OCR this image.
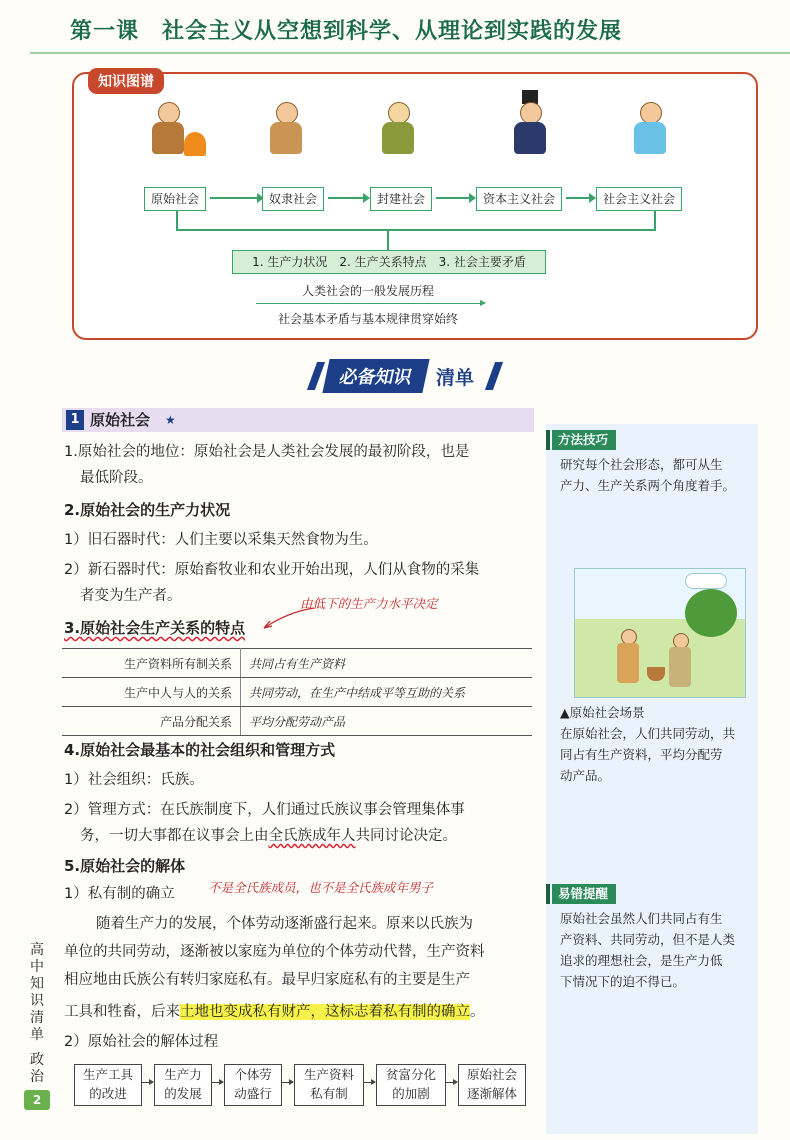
第一课　社会主义从空想到科学、从理论到实践的发展
知识图谱
原始社会	奴隶社会	封建社会	资本主义社会	社会主义社会
1. 生产力状况　2. 生产关系特点　3. 社会主要矛盾
人类社会的一般发展历程
社会基本矛盾与基本规律贯穿始终
必备知识	清单
1 原始社会 ★
1.原始社会的地位：原始社会是人类社会发展的最初阶段，也是
最低阶段。
2.原始社会的生产力状况
1）旧石器时代：人们主要以采集天然食物为生。
2）新石器时代：原始畜牧业和农业开始出现，人们从食物的采集
者变为生产者。	由低下的生产力水平决定
3.原始社会生产关系的特点
生产资料所有制关系	共同占有生产资料
生产中人与人的关系	共同劳动，在生产中结成平等互助的关系
产品分配关系	平均分配劳动产品
4.原始社会最基本的社会组织和管理方式
1）社会组织：氏族。
2）管理方式：在氏族制度下，人们通过氏族议事会管理集体事
务，一切大事都在议事会上由全氏族成年人共同讨论决定。
5.原始社会的解体
1）私有制的确立	不是全氏族成员，也不是全氏族成年男子
随着生产力的发展，个体劳动逐渐盛行起来。原来以氏族为
单位的共同劳动，逐渐被以家庭为单位的个体劳动代替，生产资料
相应地由氏族公有转归家庭私有。最早归家庭私有的主要是生产
工具和牲畜，后来土地也变成私有财产，这标志着私有制的确立。
2）原始社会的解体过程
生产工具
的改进
生产力
的发展
个体劳
动盛行
生产资料
私有制
贫富分化
的加剧
原始社会
逐渐解体
方法技巧
研究每个社会形态，都可从生
产力、生产关系两个角度着手。
▲原始社会场景
在原始社会，人们共同劳动，共
同占有生产资料，平均分配劳
动产品。
易错提醒
原始社会虽然人们共同占有生
产资料、共同劳动，但不是人类
追求的理想社会，是生产力低
下情况下的迫不得已。
高
中
知
识
清
单
政
治
2
